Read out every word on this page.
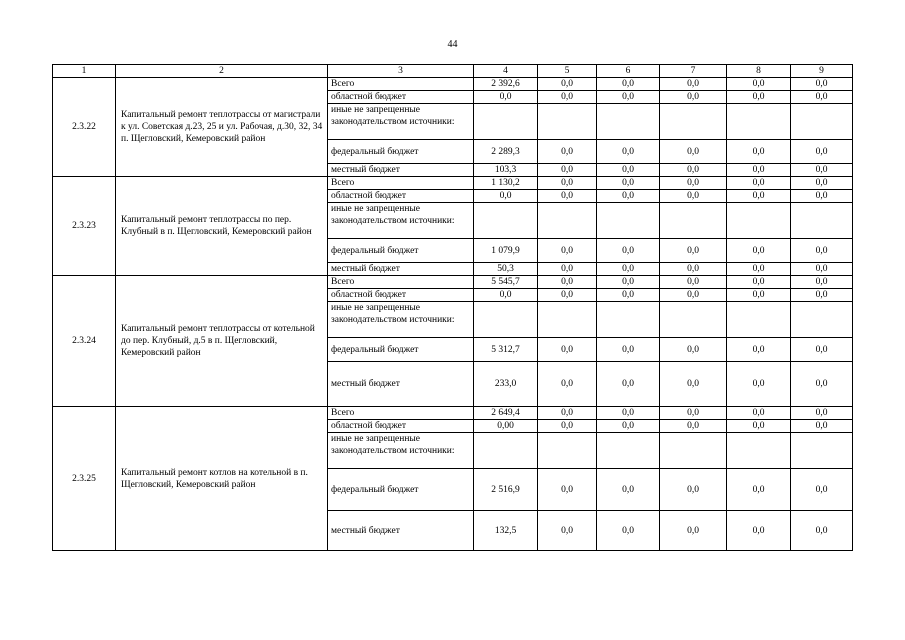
44
1	2	3	4	5	6	7	8	9
2.3.22	Капитальный ремонт теплотрассы от магистрали к ул. Советская д.23, 25 и ул. Рабочая, д.30, 32, 34 п. Щегловский, Кемеровский район	Всего	2 392,6	0,0	0,0	0,0	0,0	0,0
		областной бюджет	0,0	0,0	0,0	0,0	0,0	0,0
		иные не запрещенные законодательством источники:						
		федеральный бюджет	2 289,3	0,0	0,0	0,0	0,0	0,0
		местный бюджет	103,3	0,0	0,0	0,0	0,0	0,0
2.3.23	Капитальный ремонт теплотрассы по пер. Клубный в п. Щегловский, Кемеровский район	Всего	1 130,2	0,0	0,0	0,0	0,0	0,0
		областной бюджет	0,0	0,0	0,0	0,0	0,0	0,0
		иные не запрещенные законодательством источники:						
		федеральный бюджет	1 079,9	0,0	0,0	0,0	0,0	0,0
		местный бюджет	50,3	0,0	0,0	0,0	0,0	0,0
2.3.24	Капитальный ремонт теплотрассы от котельной до пер. Клубный, д.5 в п. Щегловский, Кемеровский район	Всего	5 545,7	0,0	0,0	0,0	0,0	0,0
		областной бюджет	0,0	0,0	0,0	0,0	0,0	0,0
		иные не запрещенные законодательством источники:						
		федеральный бюджет	5 312,7	0,0	0,0	0,0	0,0	0,0
		местный бюджет	233,0	0,0	0,0	0,0	0,0	0,0
2.3.25	Капитальный ремонт котлов на котельной в п. Щегловский, Кемеровский район	Всего	2 649,4	0,0	0,0	0,0	0,0	0,0
		областной бюджет	0,00	0,0	0,0	0,0	0,0	0,0
		иные не запрещенные законодательством источники:						
		федеральный бюджет	2 516,9	0,0	0,0	0,0	0,0	0,0
		местный бюджет	132,5	0,0	0,0	0,0	0,0	0,0
